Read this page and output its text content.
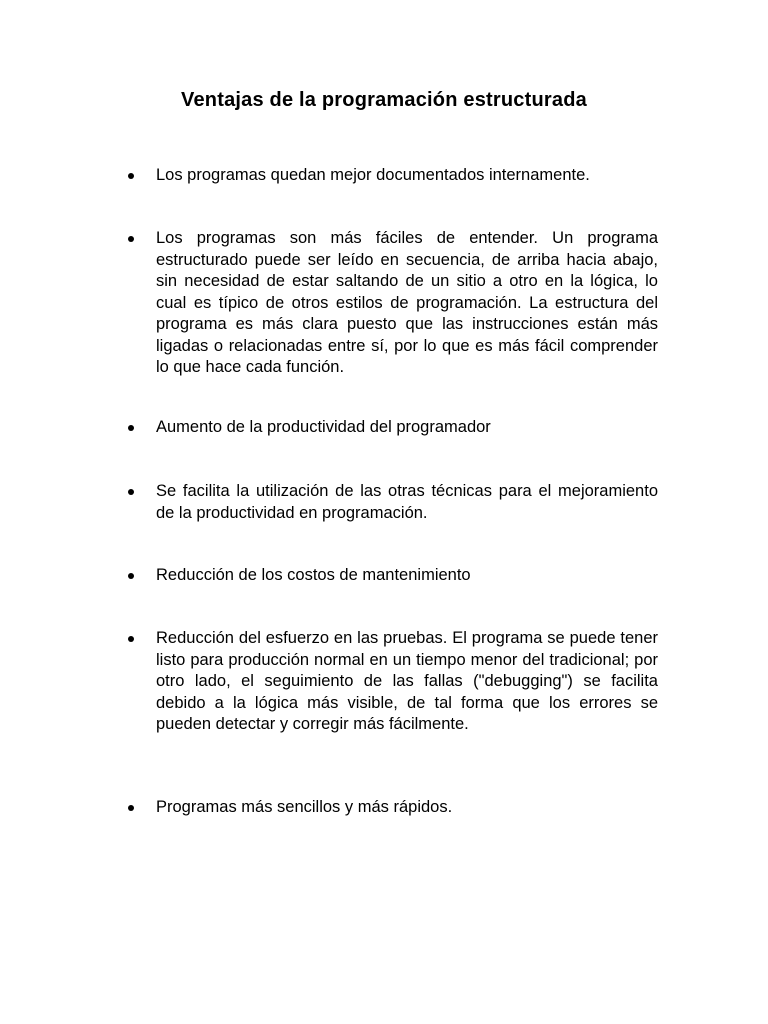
Ventajas de la programación estructurada
Los programas quedan mejor documentados internamente.
Los programas son más fáciles de entender. Un programa estructurado puede ser leído en secuencia, de arriba hacia abajo, sin necesidad de estar saltando de un sitio a otro en la lógica, lo cual es típico de otros estilos de programación. La estructura del programa es más clara puesto que las instrucciones están más ligadas o relacionadas entre sí, por lo que es más fácil comprender lo que hace cada función.
Aumento de la productividad del programador
Se facilita la utilización de las otras técnicas para el mejoramiento de la productividad en programación.
Reducción de los costos de mantenimiento
Reducción del esfuerzo en las pruebas. El programa se puede tener listo para producción normal en un tiempo menor del tradicional; por otro lado, el seguimiento de las fallas ("debugging") se facilita debido a la lógica más visible, de tal forma que los errores se pueden detectar y corregir más fácilmente.
Programas más sencillos y más rápidos.
